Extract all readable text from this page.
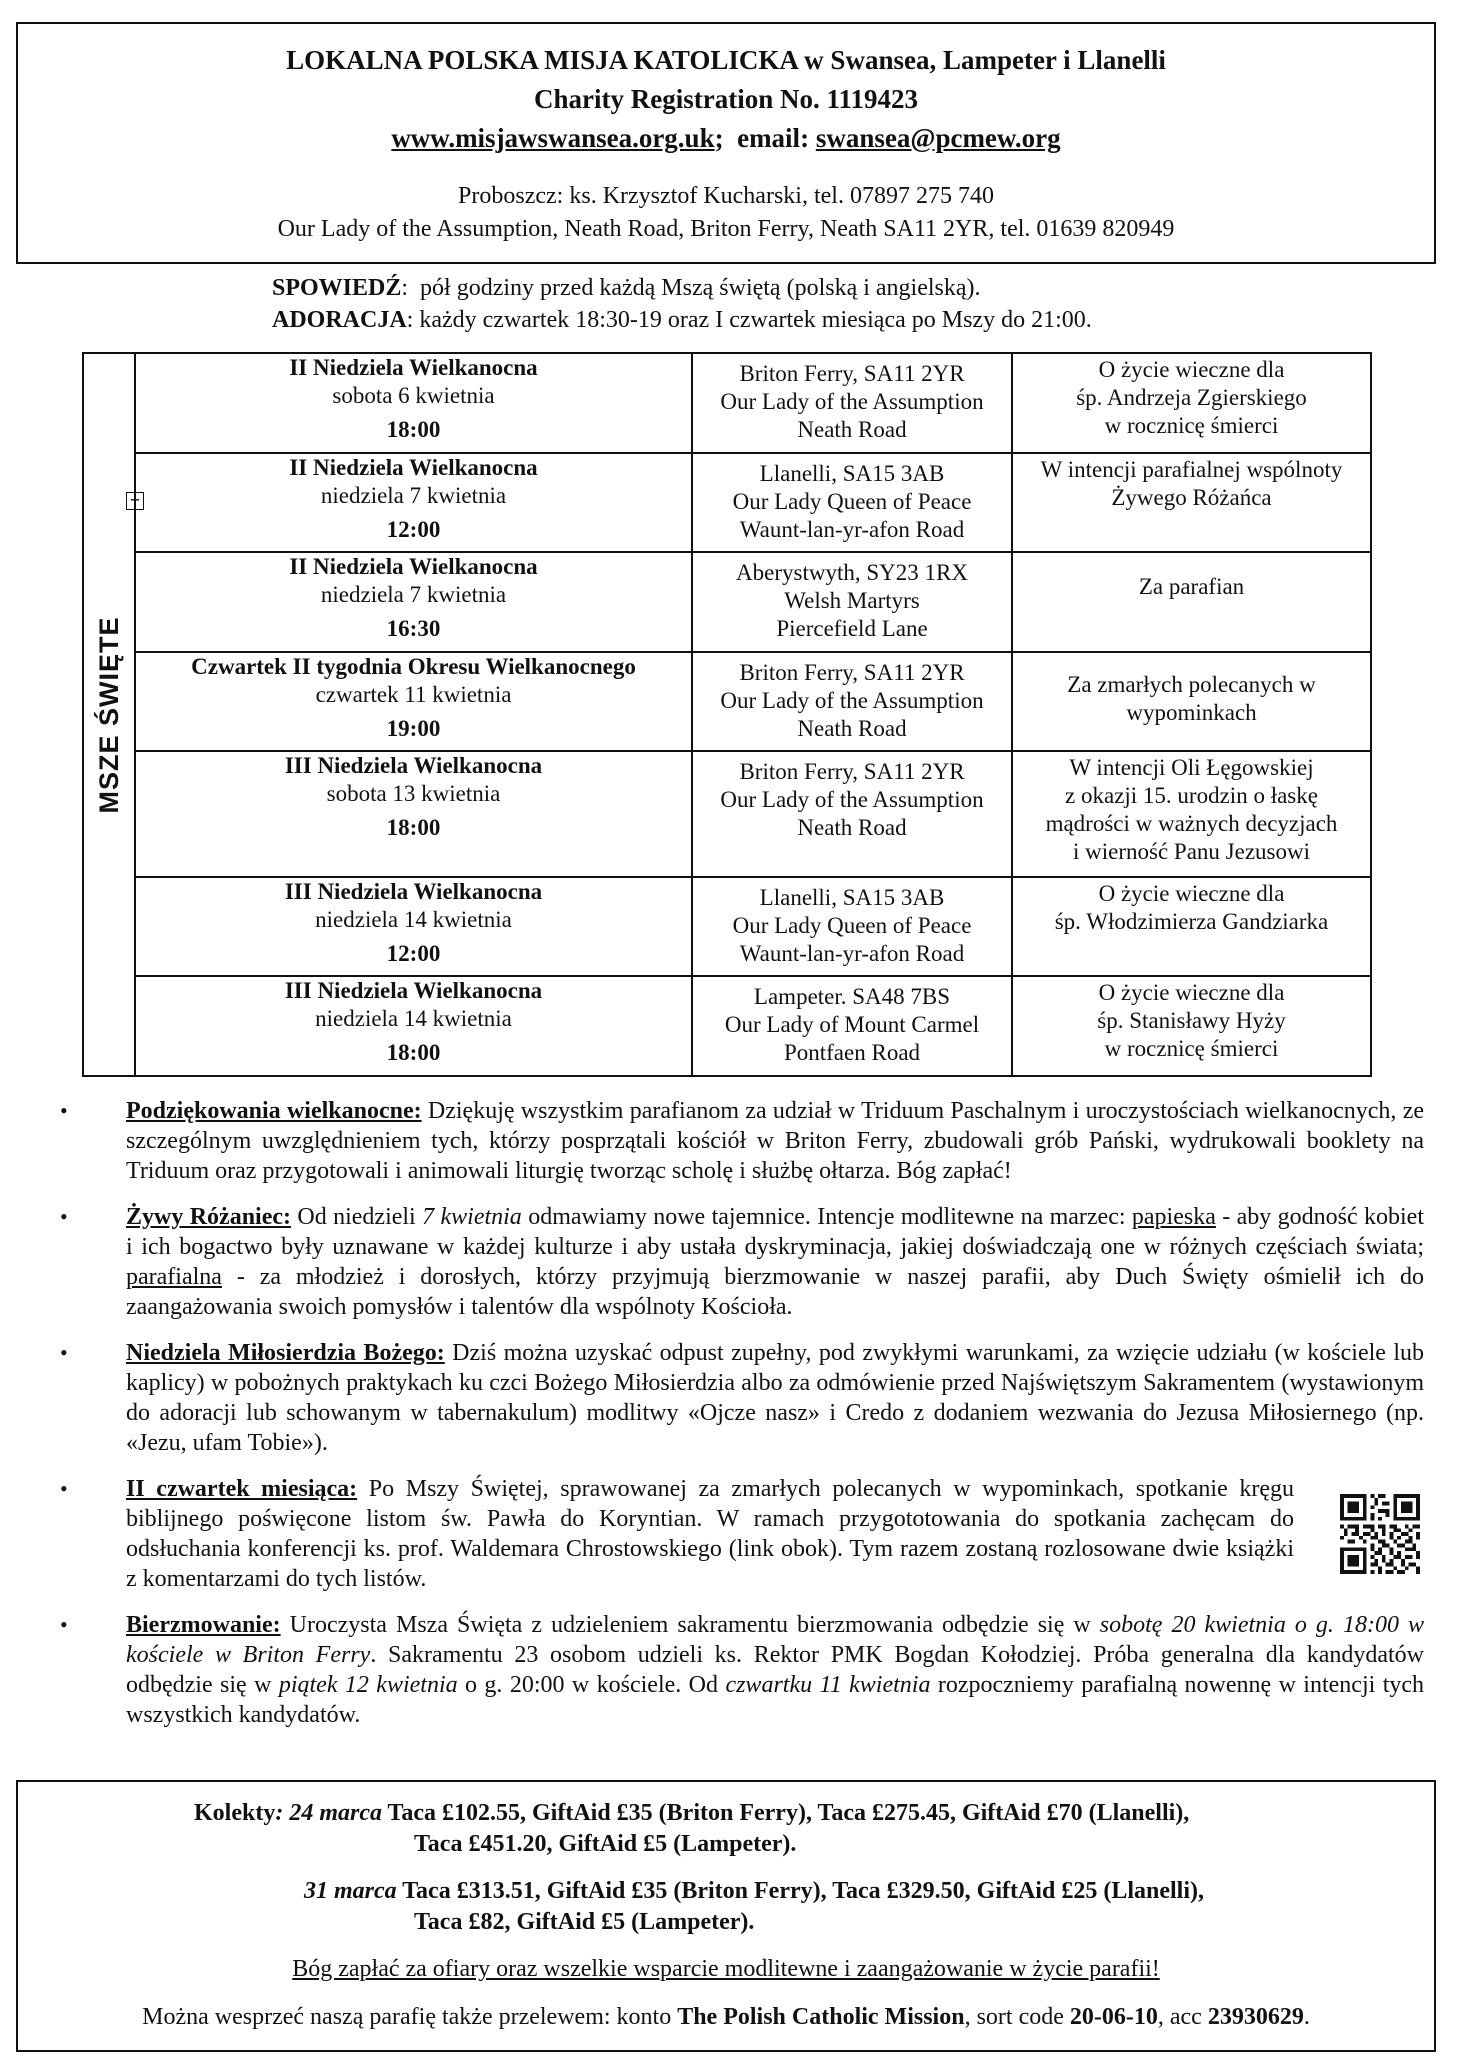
LOKALNA POLSKA MISJA KATOLICKA w Swansea, Lampeter i Llanelli
Charity Registration No. 1119423
www.misjawswansea.org.uk;  email: swansea@pcmew.org
Proboszcz: ks. Krzysztof Kucharski, tel. 07897 275 740
Our Lady of the Assumption, Neath Road, Briton Ferry, Neath SA11 2YR, tel. 01639 820949
SPOWIEDŹ:  pół godziny przed każdą Mszą świętą (polską i angielską).
ADORACJA: każdy czwartek 18:30-19 oraz I czwartek miesiąca po Mszy do 21:00.
MSZE ŚWIĘTE	II Niedziela Wielkanocna
sobota 6 kwietnia
18:00	Briton Ferry, SA11 2YR
Our Lady of the Assumption
Neath Road	O życie wieczne dla
śp. Andrzeja Zgierskiego
w rocznicę śmierci

	II Niedziela Wielkanocna
niedziela 7 kwietnia
12:00	Llanelli, SA15 3AB
Our Lady Queen of Peace
Waunt-lan-yr-afon Road	W intencji parafialnej wspólnoty
Żywego Różańca

	II Niedziela Wielkanocna
niedziela 7 kwietnia
16:30	Aberystwyth, SY23 1RX
Welsh Martyrs
Piercefield Lane	Za parafian

	Czwartek II tygodnia Okresu Wielkanocnego
czwartek 11 kwietnia
19:00	Briton Ferry, SA11 2YR
Our Lady of the Assumption
Neath Road	Za zmarłych polecanych w
wypominkach

	III Niedziela Wielkanocna
sobota 13 kwietnia
18:00	Briton Ferry, SA11 2YR
Our Lady of the Assumption
Neath Road	W intencji Oli Łęgowskiej
z okazji 15. urodzin o łaskę
mądrości w ważnych decyzjach
i wierność Panu Jezusowi

	III Niedziela Wielkanocna
niedziela 14 kwietnia
12:00	Llanelli, SA15 3AB
Our Lady Queen of Peace
Waunt-lan-yr-afon Road	O życie wieczne dla
śp. Włodzimierza Gandziarka

	III Niedziela Wielkanocna
niedziela 14 kwietnia
18:00	Lampeter. SA48 7BS
Our Lady of Mount Carmel
Pontfaen Road	O życie wieczne dla
śp. Stanisławy Hyży
w rocznicę śmierci
+
• Podziękowania wielkanocne: Dziękuję wszystkim parafianom za udział w Triduum Paschalnym i uroczystościach wielkanocnych, ze szczególnym uwzględnieniem tych, którzy posprzątali kościół w Briton Ferry, zbudowali grób Pański, wydrukowali booklety na Triduum oraz przygotowali i animowali liturgię tworząc scholę i służbę ołtarza. Bóg zapłać!
• Żywy Różaniec: Od niedzieli 7 kwietnia odmawiamy nowe tajemnice. Intencje modlitewne na marzec: papieska - aby godność kobiet i ich bogactwo były uznawane w każdej kulturze i aby ustała dyskryminacja, jakiej doświadczają one w różnych częściach świata; parafialna - za młodzież i dorosłych, którzy przyjmują bierzmowanie w naszej parafii, aby Duch Święty ośmielił ich do zaangażowania swoich pomysłów i talentów dla wspólnoty Kościoła.
• Niedziela Miłosierdzia Bożego: Dziś można uzyskać odpust zupełny, pod zwykłymi warunkami, za wzięcie udziału (w kościele lub kaplicy) w pobożnych praktykach ku czci Bożego Miłosierdzia albo za odmówienie przed Najświętszym Sakramentem (wystawionym do adoracji lub schowanym w tabernakulum) modlitwy «Ojcze nasz» i Credo z dodaniem wezwania do Jezusa Miłosiernego (np. «Jezu, ufam Tobie»).
• II czwartek miesiąca: Po Mszy Świętej, sprawowanej za zmarłych polecanych w wypominkach, spotkanie kręgu biblijnego poświęcone listom św. Pawła do Koryntian. W ramach przygototowania do spotkania zachęcam do odsłuchania konferencji ks. prof. Waldemara Chrostowskiego (link obok). Tym razem zostaną rozlosowane dwie książki z komentarzami do tych listów.
• Bierzmowanie: Uroczysta Msza Święta z udzieleniem sakramentu bierzmowania odbędzie się w sobotę 20 kwietnia o g. 18:00 w kościele w Briton Ferry. Sakramentu 23 osobom udzieli ks. Rektor PMK Bogdan Kołodziej. Próba generalna dla kandydatów odbędzie się w piątek 12 kwietnia o g. 20:00 w kościele. Od czwartku 11 kwietnia rozpoczniemy parafialną nowennę w intencji tych wszystkich kandydatów.
Kolekty: 24 marca Taca £102.55, GiftAid £35 (Briton Ferry), Taca £275.45, GiftAid £70 (Llanelli),
Taca £451.20, GiftAid £5 (Lampeter).
31 marca Taca £313.51, GiftAid £35 (Briton Ferry), Taca £329.50, GiftAid £25 (Llanelli),
Taca £82, GiftAid £5 (Lampeter).
Bóg zapłać za ofiary oraz wszelkie wsparcie modlitewne i zaangażowanie w życie parafii!
Można wesprzeć naszą parafię także przelewem: konto The Polish Catholic Mission, sort code 20-06-10, acc 23930629.
